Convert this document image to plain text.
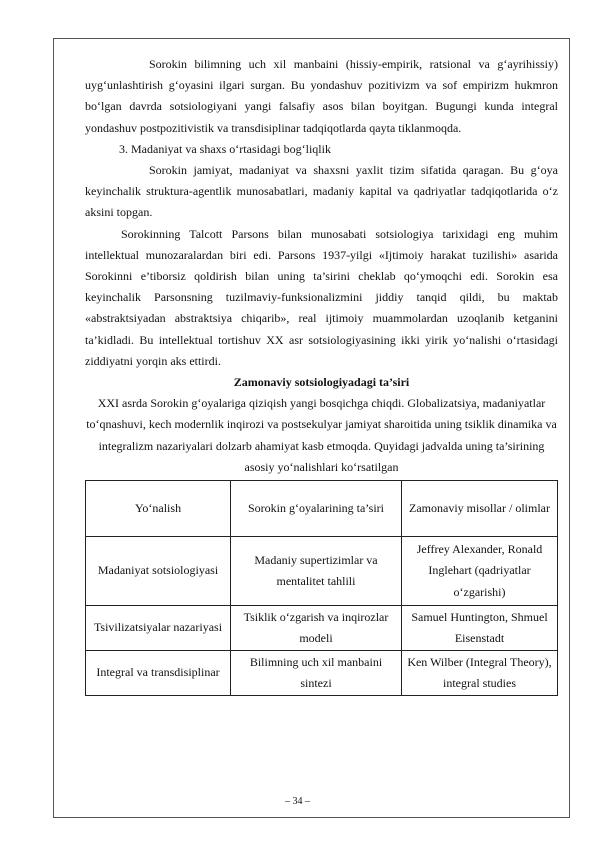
Sorokin bilimning uch xil manbaini (hissiy-empirik, ratsional va g‘ayrihissiy) uyg‘unlashtirish g‘oyasini ilgari surgan. Bu yondashuv pozitivizm va sof empirizm hukmron bo‘lgan davrda sotsiologiyani yangi falsafiy asos bilan boyitgan. Bugungi kunda integral yondashuv postpozitivistik va transdisiplinar tadqiqotlarda qayta tiklanmoqda.

3. Madaniyat va shaxs o‘rtasidagi bog‘liqlik

Sorokin jamiyat, madaniyat va shaxsni yaxlit tizim sifatida qaragan. Bu g‘oya keyinchalik struktura-agentlik munosabatlari, madaniy kapital va qadriyatlar tadqiqotlarida o‘z aksini topgan.

Sorokinning Talcott Parsons bilan munosabati sotsiologiya tarixidagi eng muhim intellektual munozaralardan biri edi. Parsons 1937-yilgi «Ijtimoiy harakat tuzilishi» asarida Sorokinni e’tiborsiz qoldirish bilan uning ta’sirini cheklab qo‘ymoqchi edi. Sorokin esa keyinchalik Parsonsning tuzilmaviy-funksionalizmini jiddiy tanqid qildi, bu maktab «abstraktsiyadan abstraktsiya chiqarib», real ijtimoiy muammolardan uzoqlanib ketganini ta’kidladi. Bu intellektual tortishuv XX asr sotsiologiyasining ikki yirik yo‘nalishi o‘rtasidagi ziddiyatni yorqin aks ettirdi.

Zamonaviy sotsiologiyadagi ta’siri

XXI asrda Sorokin g‘oyalariga qiziqish yangi bosqichga chiqdi. Globalizatsiya, madaniyatlar to‘qnashuvi, kech modernlik inqirozi va postsekulyar jamiyat sharoitida uning tsiklik dinamika va integralizm nazariyalari dolzarb ahamiyat kasb etmoqda. Quyidagi jadvalda uning ta’sirining asosiy yo‘nalishlari ko‘rsatilgan

Yo‘nalish	Sorokin g‘oyalarining ta’siri	Zamonaviy misollar / olimlar
Madaniyat sotsiologiyasi	Madaniy supertizimlar va mentalitet tahlili	Jeffrey Alexander, Ronald Inglehart (qadriyatlar o‘zgarishi)
Tsivilizatsiyalar nazariyasi	Tsiklik o‘zgarish va inqirozlar modeli	Samuel Huntington, Shmuel Eisenstadt
Integral va transdisiplinar	Bilimning uch xil manbaini sintezi	Ken Wilber (Integral Theory), integral studies
– 34 –
